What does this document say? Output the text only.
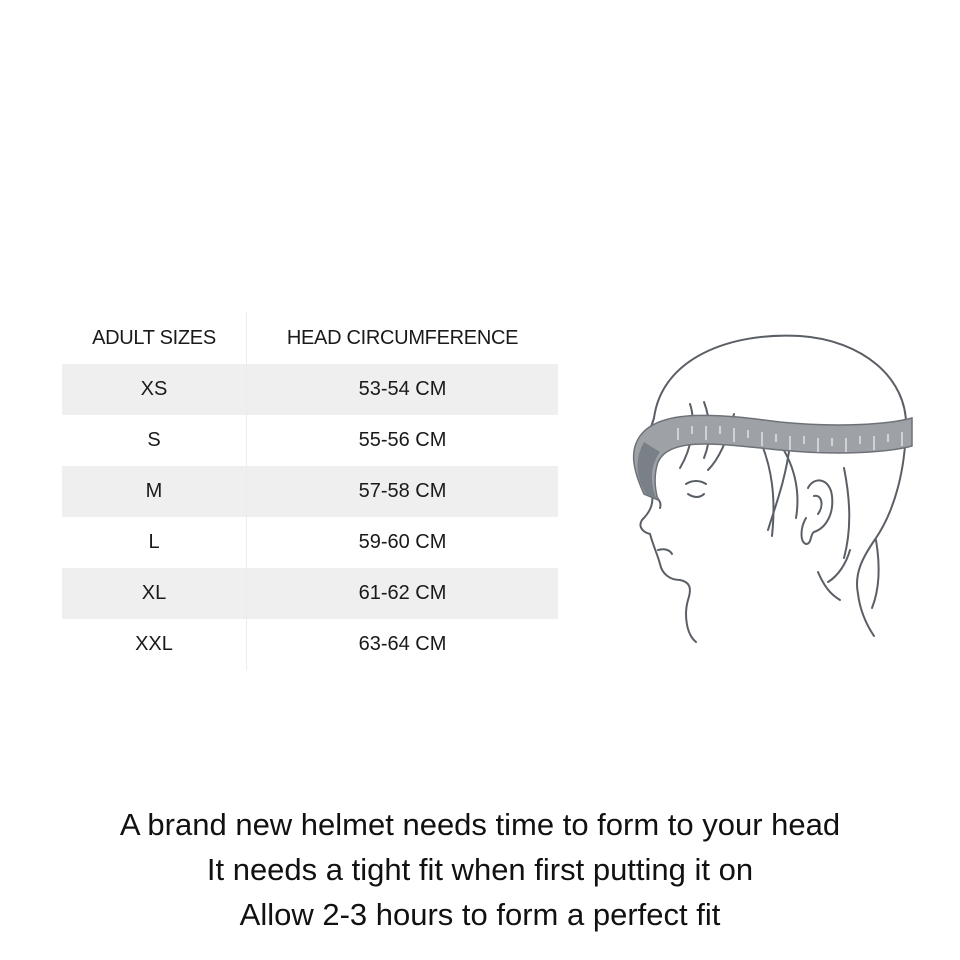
ADULT SIZES	HEAD CIRCUMFERENCE
XS	53-54 CM
S	55-56 CM
M	57-58 CM
L	59-60 CM
XL	61-62 CM
XXL	63-64 CM
A brand new helmet needs time to form to your head
It needs a tight fit when first putting it on
Allow 2-3 hours to form a perfect fit
